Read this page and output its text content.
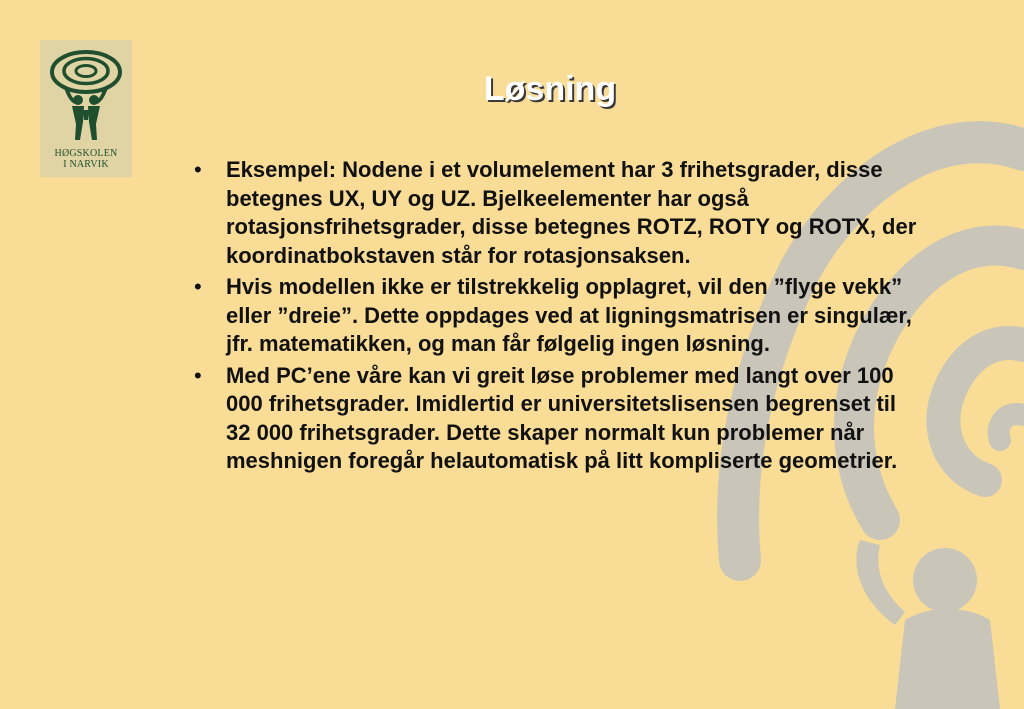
HØGSKOLEN
I NARVIK
Løsning
• Eksempel: Nodene i et volumelement har 3 frihetsgrader, disse betegnes UX, UY og UZ. Bjelkeelementer har også rotasjonsfrihetsgrader, disse betegnes ROTZ, ROTY og ROTX, der koordinatbokstaven står for rotasjonsaksen.
• Hvis modellen ikke er tilstrekkelig opplagret, vil den ”flyge vekk” eller ”dreie”. Dette oppdages ved at ligningsmatrisen er singulær, jfr. matematikken, og man får følgelig ingen løsning.
• Med PC’ene våre kan vi greit løse problemer med langt over 100 000 frihetsgrader. Imidlertid er universitetslisensen begrenset til 32 000 frihetsgrader. Dette skaper normalt kun problemer når meshnigen foregår helautomatisk på litt kompliserte geometrier.
